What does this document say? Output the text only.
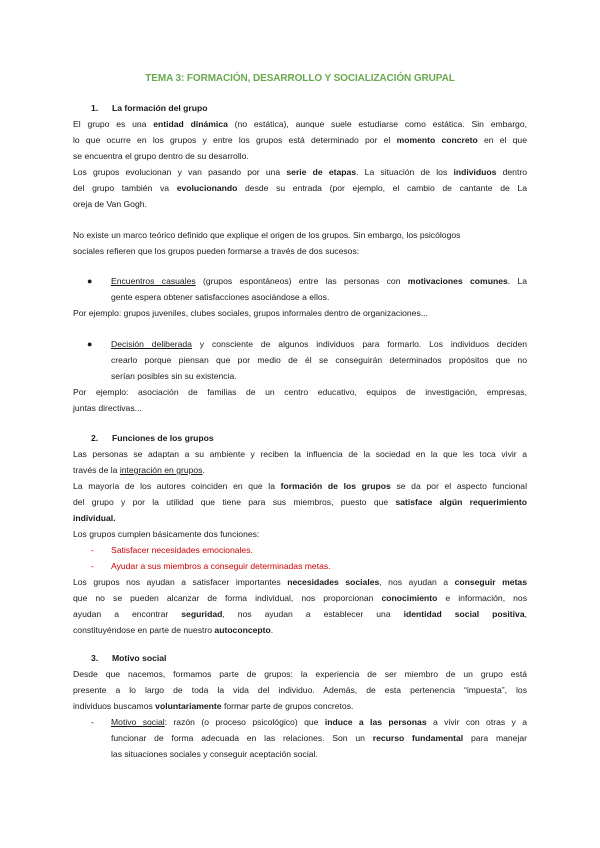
TEMA 3: FORMACIÓN, DESARROLLO Y SOCIALIZACIÓN GRUPAL
1. La formación del grupo
El grupo es una entidad dinámica (no estática), aunque suele estudiarse como estática. Sin embargo,
lo que ocurre en los grupos y entre los grupos está determinado por el momento concreto en el que
se encuentra el grupo dentro de su desarrollo.
Los grupos evolucionan y van pasando por una serie de etapas. La situación de los individuos dentro
del grupo también va evolucionando desde su entrada (por ejemplo, el cambio de cantante de La
oreja de Van Gogh.
No existe un marco teórico definido que explique el origen de los grupos. Sin embargo, los psicólogos
sociales refieren que los grupos pueden formarse a través de dos sucesos:
● Encuentros casuales (grupos espontáneos) entre las personas con motivaciones comunes. La
gente espera obtener satisfacciones asociándose a ellos.
Por ejemplo: grupos juveniles, clubes sociales, grupos informales dentro de organizaciones...
● Decisión deliberada y consciente de algunos individuos para formarlo. Los individuos deciden
crearlo porque piensan que por medio de él se conseguirán determinados propósitos que no
serían posibles sin su existencia.
Por ejemplo: asociación de familias de un centro educativo, equipos de investigación, empresas,
juntas directivas...
2. Funciones de los grupos
Las personas se adaptan a su ambiente y reciben la influencia de la sociedad en la que les toca vivir a
través de la integración en grupos.
La mayoría de los autores coinciden en que la formación de los grupos se da por el aspecto funcional
del grupo y por la utilidad que tiene para sus miembros, puesto que satisface algún requerimiento
individual.
Los grupos cumplen básicamente dos funciones:
- Satisfacer necesidades emocionales.
- Ayudar a sus miembros a conseguir determinadas metas.
Los grupos nos ayudan a satisfacer importantes necesidades sociales, nos ayudan a conseguir metas
que no se pueden alcanzar de forma individual, nos proporcionan conocimiento e información, nos
ayudan a encontrar seguridad, nos ayudan a establecer una identidad social positiva,
constituyéndose en parte de nuestro autoconcepto.
3. Motivo social
Desde que nacemos, formamos parte de grupos: la experiencia de ser miembro de un grupo está
presente a lo largo de toda la vida del individuo. Además, de esta pertenencia “impuesta”, los
individuos buscamos voluntariamente formar parte de grupos concretos.
- Motivo social: razón (o proceso psicológico) que induce a las personas a vivir con otras y a
funcionar de forma adecuada en las relaciones. Son un recurso fundamental para manejar
las situaciones sociales y conseguir aceptación social.
